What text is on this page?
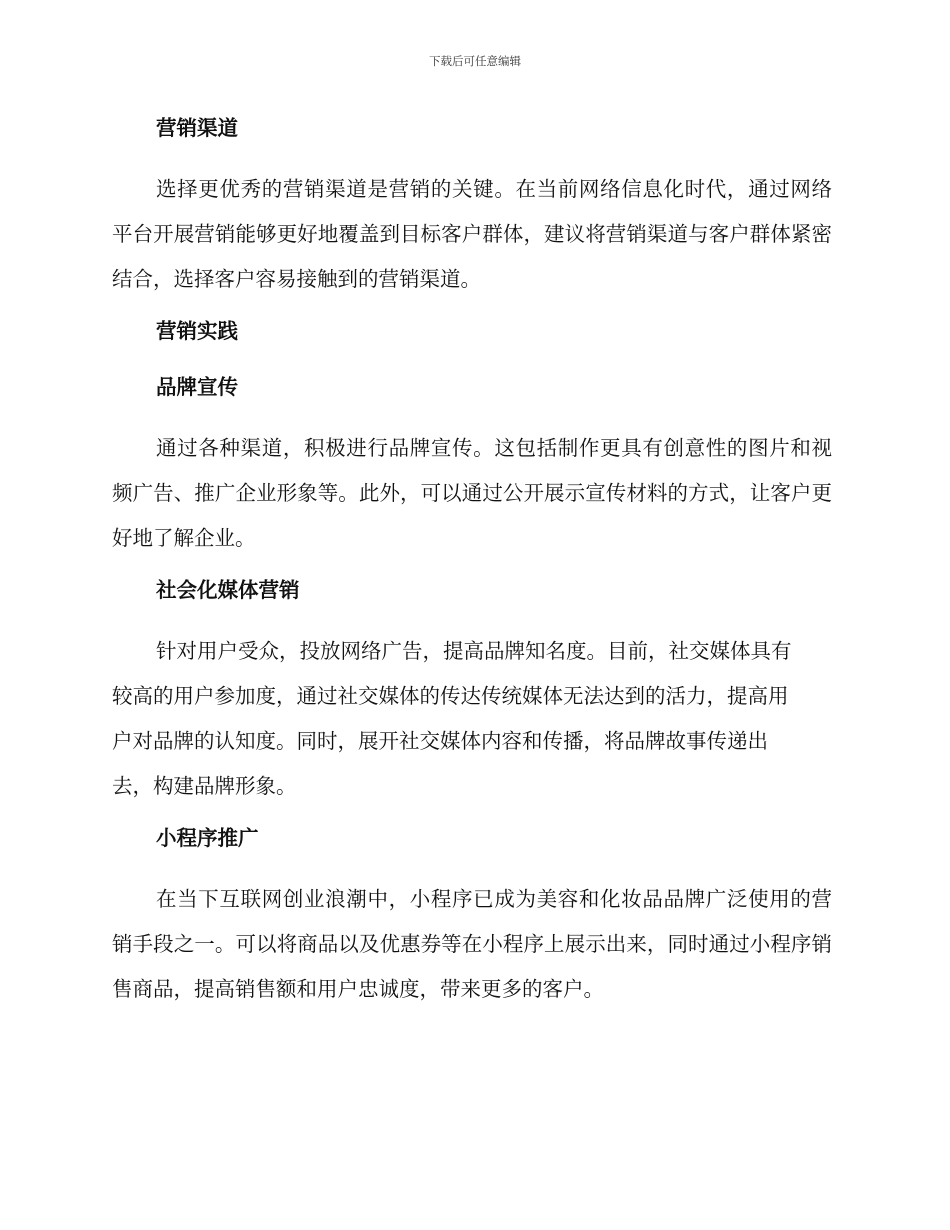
下载后可任意编辑
营销渠道

选择更优秀的营销渠道是营销的关键。在当前网络信息化时代，通过网络平台开展营销能够更好地覆盖到目标客户群体，建议将营销渠道与客户群体紧密结合，选择客户容易接触到的营销渠道。

营销实践
品牌宣传

通过各种渠道，积极进行品牌宣传。这包括制作更具有创意性的图片和视频广告、推广企业形象等。此外，可以通过公开展示宣传材料的方式，让客户更好地了解企业。

社会化媒体营销

针对用户受众，投放网络广告，提高品牌知名度。目前，社交媒体具有
较高的用户参加度，通过社交媒体的传达传统媒体无法达到的活力，提高用
户对品牌的认知度。同时，展开社交媒体内容和传播，将品牌故事传递出
去，构建品牌形象。

小程序推广

在当下互联网创业浪潮中，小程序已成为美容和化妆品品牌广泛使用的营销手段之一。可以将商品以及优惠券等在小程序上展示出来，同时通过小程序销售商品，提高销售额和用户忠诚度，带来更多的客户。
